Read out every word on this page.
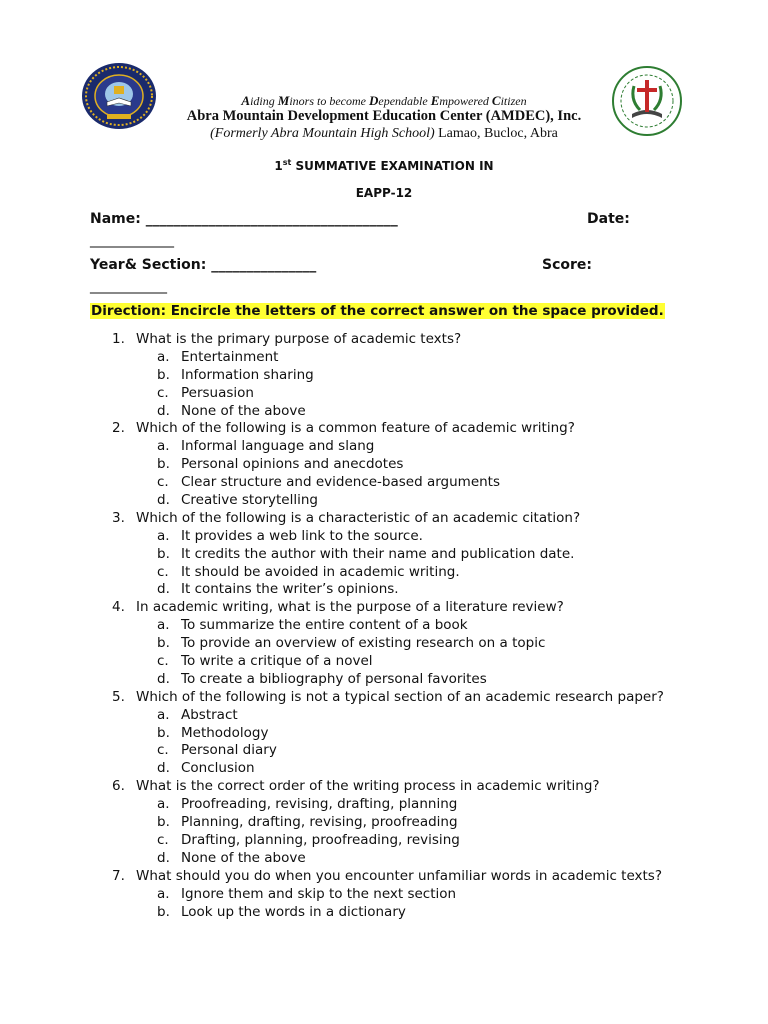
Aiding Minors to become Dependable Empowered Citizen
Abra Mountain Development Education Center (AMDEC), Inc.
(Formerly Abra Mountain High School) Lamao, Bucloc, Abra
1st SUMMATIVE EXAMINATION IN
EAPP-12
Name: ____________________________________	Date:
____________
Year& Section: _______________	Score:
___________
Direction: Encircle the letters of the correct answer on the space provided.
1. What is the primary purpose of academic texts?
a. Entertainment
b. Information sharing
c. Persuasion
d. None of the above
2. Which of the following is a common feature of academic writing?
a. Informal language and slang
b. Personal opinions and anecdotes
c. Clear structure and evidence-based arguments
d. Creative storytelling
3. Which of the following is a characteristic of an academic citation?
a. It provides a web link to the source.
b. It credits the author with their name and publication date.
c. It should be avoided in academic writing.
d. It contains the writer’s opinions.
4. In academic writing, what is the purpose of a literature review?
a. To summarize the entire content of a book
b. To provide an overview of existing research on a topic
c. To write a critique of a novel
d. To create a bibliography of personal favorites
5. Which of the following is not a typical section of an academic research paper?
a. Abstract
b. Methodology
c. Personal diary
d. Conclusion
6. What is the correct order of the writing process in academic writing?
a. Proofreading, revising, drafting, planning
b. Planning, drafting, revising, proofreading
c. Drafting, planning, proofreading, revising
d. None of the above
7. What should you do when you encounter unfamiliar words in academic texts?
a. Ignore them and skip to the next section
b. Look up the words in a dictionary
